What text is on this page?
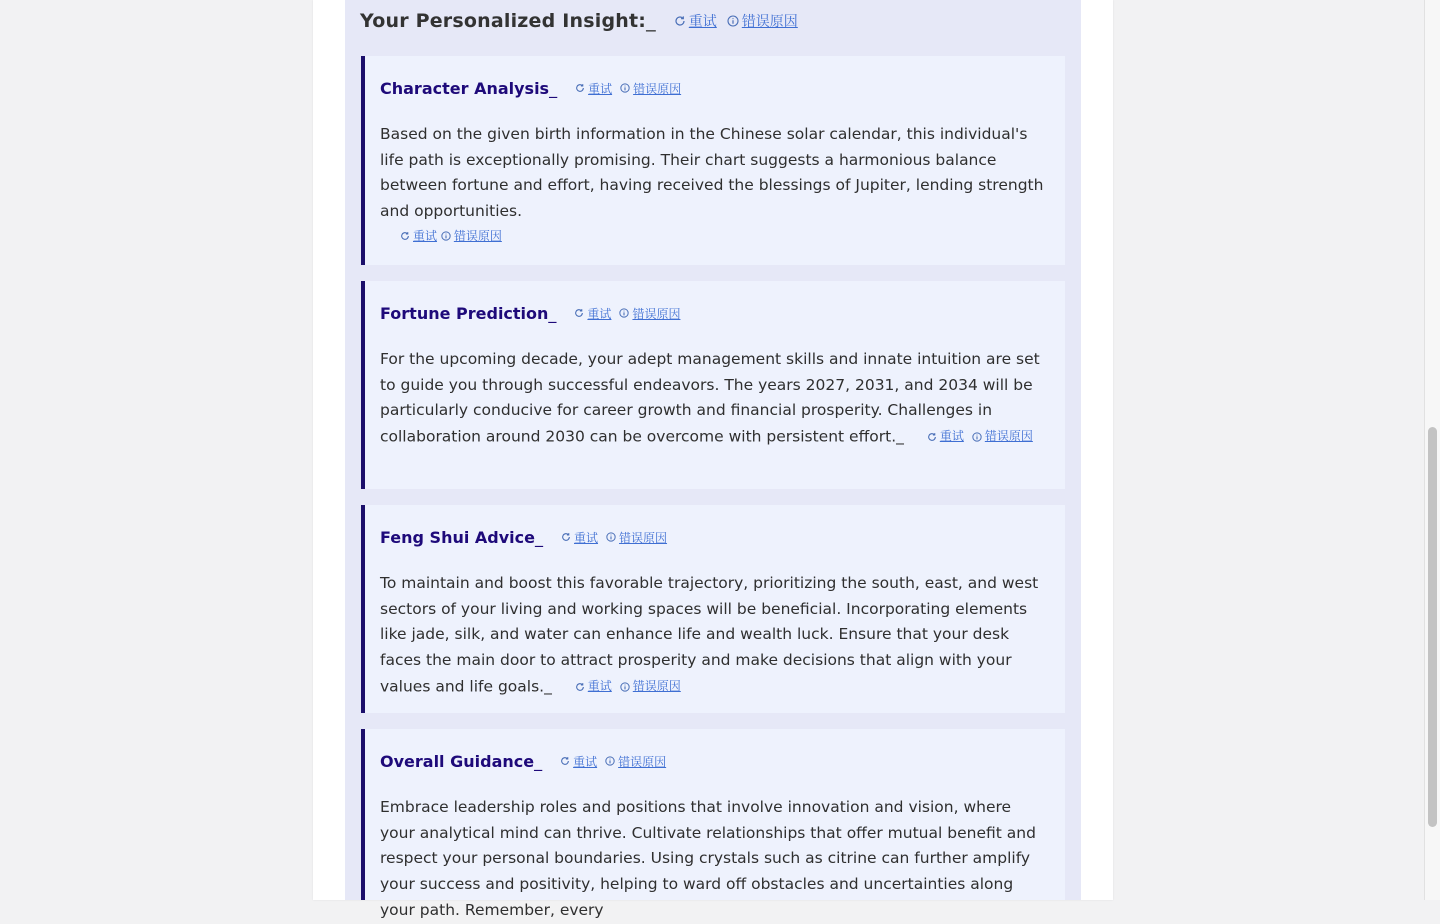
Your Personalized Insight: _	重试 错误原因
Character Analysis _	重试 错误原因
Based on the given birth information in the Chinese solar calendar, this individual's life path is exceptionally promising. Their chart suggests a harmonious balance between fortune and effort, having received the blessings of Jupiter, lending strength and opportunities.
重试
错误原因
Fortune Prediction _	重试 错误原因
For the upcoming decade, your adept management skills and innate intuition are set to guide you through successful endeavors. The years 2027, 2031, and 2034 will be particularly conducive for career growth and financial prosperity. Challenges in collaboration around 2030 can be overcome with persistent effort. _	重试 错误原因
Feng Shui Advice _	重试 错误原因
To maintain and boost this favorable trajectory, prioritizing the south, east, and west sectors of your living and working spaces will be beneficial. Incorporating elements like jade, silk, and water can enhance life and wealth luck. Ensure that your desk faces the main door to attract prosperity and make decisions that align with your values and life goals. _	重试 错误原因
Overall Guidance _	重试 错误原因
Embrace leadership roles and positions that involve innovation and vision, where your analytical mind can thrive. Cultivate relationships that offer mutual benefit and respect your personal boundaries. Using crystals such as citrine can further amplify your success and positivity, helping to ward off obstacles and uncertainties along your path. Remember, every
